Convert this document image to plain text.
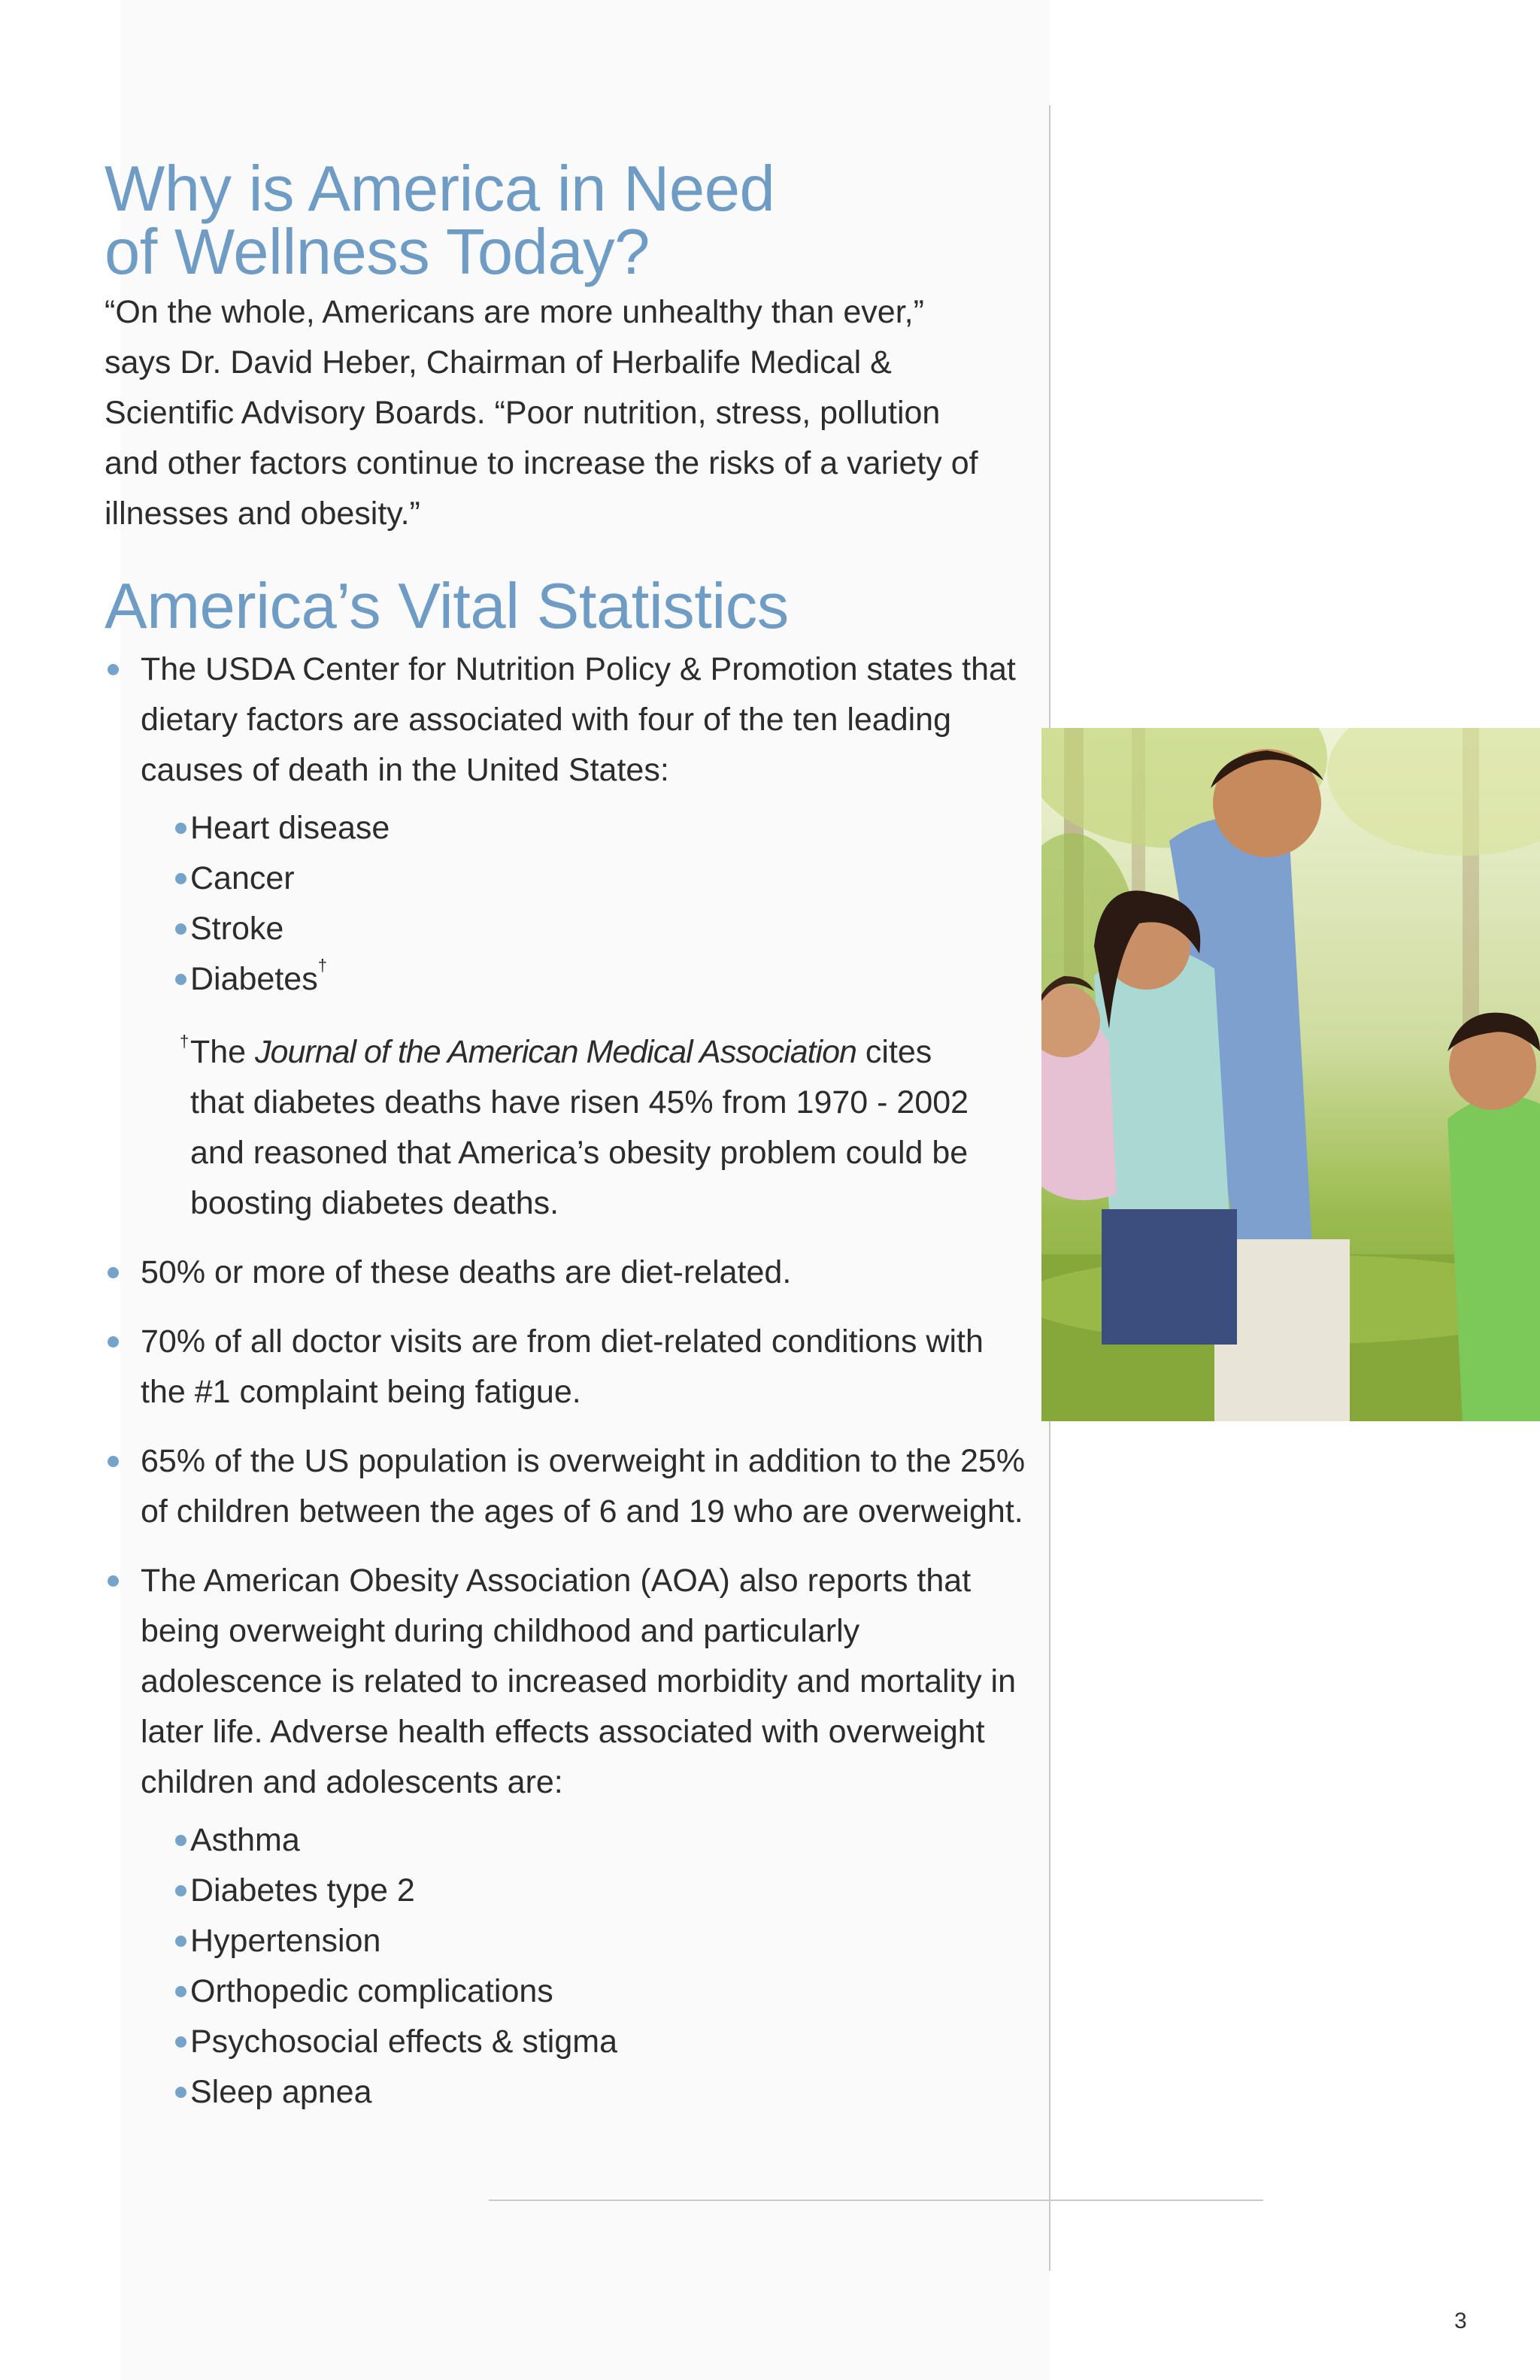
Why is America in Need
of Wellness Today?

“On the whole, Americans are more unhealthy than ever,” says Dr. David Heber, Chairman of Herbalife Medical & Scientific Advisory Boards. “Poor nutrition, stress, pollution and other factors continue to increase the risks of a variety of illnesses and obesity.”

America’s Vital Statistics
The USDA Center for Nutrition Policy & Promotion states that dietary factors are associated with four of the ten leading causes of death in the United States:
Heart disease
Cancer
Stroke
Diabetes†
† The Journal of the American Medical Association cites that diabetes deaths have risen 45% from 1970 - 2002 and reasoned that America’s obesity problem could be boosting diabetes deaths.
50% or more of these deaths are diet-related.
70% of all doctor visits are from diet-related conditions with the #1 complaint being fatigue.
65% of the US population is overweight in addition to the 25% of children between the ages of 6 and 19 who are overweight.
The American Obesity Association (AOA) also reports that being overweight during childhood and particularly adolescence is related to increased morbidity and mortality in later life. Adverse health effects associated with overweight children and adolescents are:
Asthma
Diabetes type 2
Hypertension
Orthopedic complications
Psychosocial effects & stigma
Sleep apnea
3
